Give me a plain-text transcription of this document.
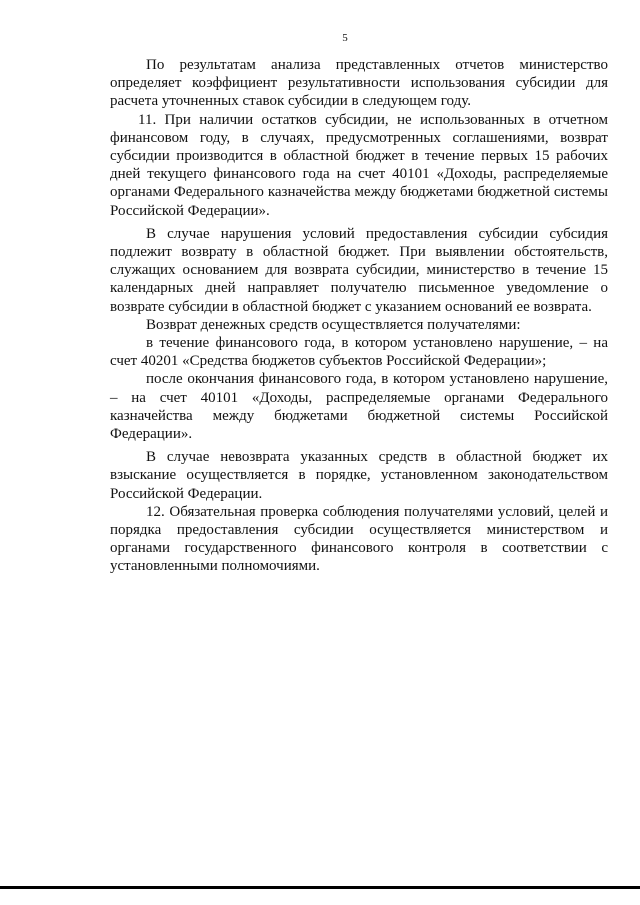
5

По результатам анализа представленных отчетов министерство определяет коэффициент результативности использования субсидии для расчета уточненных ставок субсидии в следующем году.

11. При наличии остатков субсидии, не использованных в отчетном финансовом году, в случаях, предусмотренных соглашениями, возврат субсидии производится в областной бюджет в течение первых 15 рабочих дней текущего финансового года на счет 40101 «Доходы, распределяемые органами Федерального казначейства между бюджетами бюджетной системы Российской Федерации».

В случае нарушения условий предоставления субсидии субсидия подлежит возврату в областной бюджет. При выявлении обстоятельств, служащих основанием для возврата субсидии, министерство в течение 15 календарных дней направляет получателю письменное уведомление о возврате субсидии в областной бюджет с указанием оснований ее возврата.

Возврат денежных средств осуществляется получателями:

в течение финансового года, в котором установлено нарушение, – на счет 40201 «Средства бюджетов субъектов Российской Федерации»;

после окончания финансового года, в котором установлено нарушение, – на счет 40101 «Доходы, распределяемые органами Федерального казначейства между бюджетами бюджетной системы Российской Федерации».

В случае невозврата указанных средств в областной бюджет их взыскание осуществляется в порядке, установленном законодательством Российской Федерации.

12. Обязательная проверка соблюдения получателями условий, целей и порядка предоставления субсидии осуществляется министерством и органами государственного финансового контроля в соответствии с установленными полномочиями.
